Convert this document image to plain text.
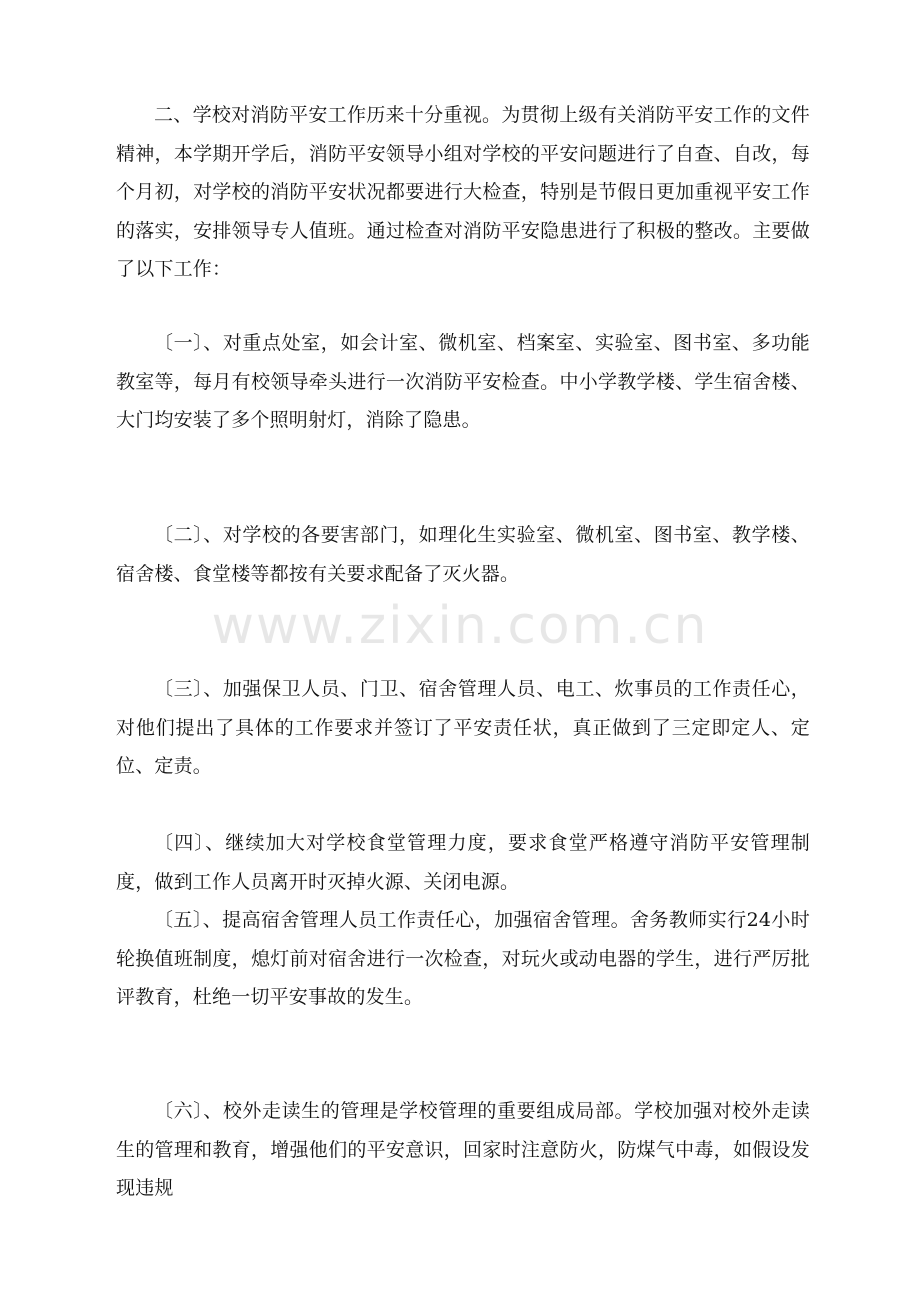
二、学校对消防平安工作历来十分重视。为贯彻上级有关消防平安工作的文件精神，本学期开学后，消防平安领导小组对学校的平安问题进行了自查、自改，每个月初，对学校的消防平安状况都要进行大检查，特别是节假日更加重视平安工作的落实，安排领导专人值班。通过检查对消防平安隐患进行了积极的整改。主要做了以下工作：

〔一〕、对重点处室，如会计室、微机室、档案室、实验室、图书室、多功能教室等，每月有校领导牵头进行一次消防平安检查。中小学教学楼、学生宿舍楼、大门均安装了多个照明射灯，消除了隐患。

〔二〕、对学校的各要害部门，如理化生实验室、微机室、图书室、教学楼、宿舍楼、食堂楼等都按有关要求配备了灭火器。

www.zixin.com.cn

〔三〕、加强保卫人员、门卫、宿舍管理人员、电工、炊事员的工作责任心，对他们提出了具体的工作要求并签订了平安责任状，真正做到了三定即定人、定位、定责。

〔四〕、继续加大对学校食堂管理力度，要求食堂严格遵守消防平安管理制度，做到工作人员离开时灭掉火源、关闭电源。

〔五〕、提高宿舍管理人员工作责任心，加强宿舍管理。舍务教师实行24小时轮换值班制度，熄灯前对宿舍进行一次检查，对玩火或动电器的学生，进行严厉批评教育，杜绝一切平安事故的发生。

〔六〕、校外走读生的管理是学校管理的重要组成局部。学校加强对校外走读生的管理和教育，增强他们的平安意识，回家时注意防火，防煤气中毒，如假设发现违规
